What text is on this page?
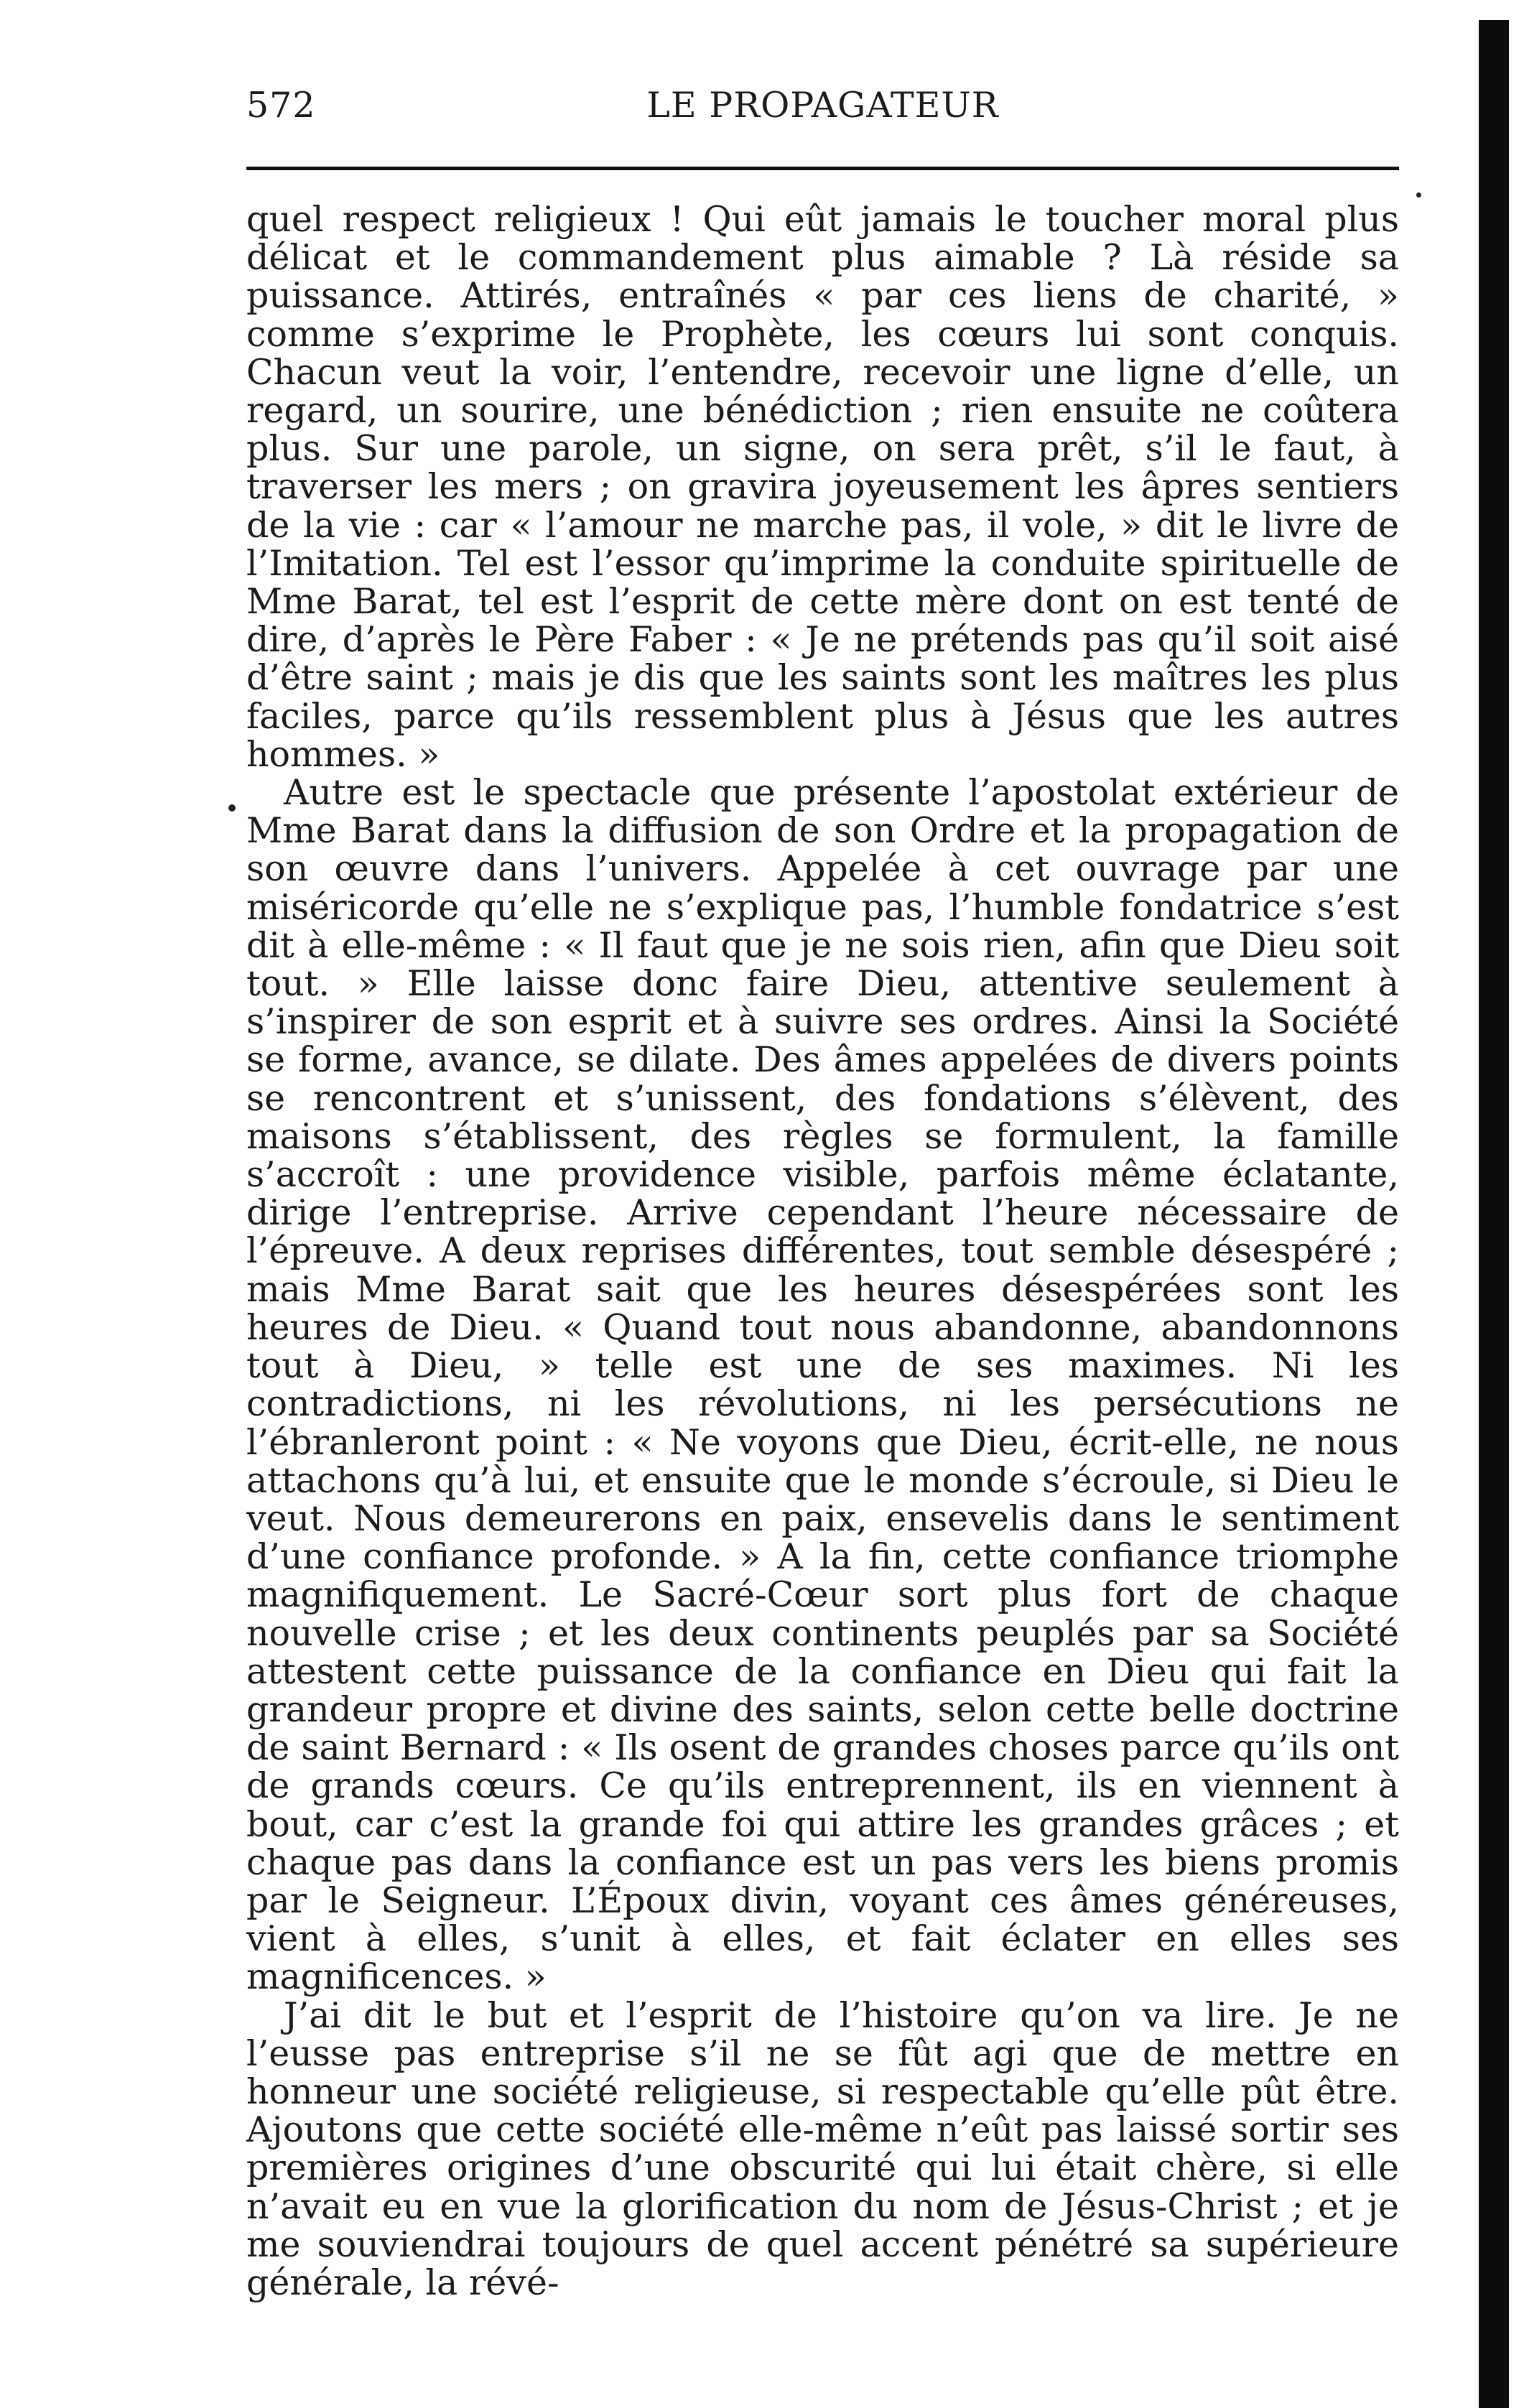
572	LE PROPAGATEUR

quel respect religieux ! Qui eût jamais le toucher moral plus délicat et le commandement plus aimable ? Là réside sa puissance. Attirés, entraînés « par ces liens de charité, » comme s’exprime le Prophète, les cœurs lui sont conquis. Chacun veut la voir, l’entendre, recevoir une ligne d’elle, un regard, un sourire, une bénédiction ; rien ensuite ne coûtera plus. Sur une parole, un signe, on sera prêt, s’il le faut, à traverser les mers ; on gravira joyeusement les âpres sentiers de la vie : car « l’amour ne marche pas, il vole, » dit le livre de l’Imitation. Tel est l’essor qu’imprime la conduite spirituelle de Mme Barat, tel est l’esprit de cette mère dont on est tenté de dire, d’après le Père Faber : « Je ne prétends pas qu’il soit aisé d’être saint ; mais je dis que les saints sont les maîtres les plus faciles, parce qu’ils ressemblent plus à Jésus que les autres hommes. »

Autre est le spectacle que présente l’apostolat extérieur de Mme Barat dans la diffusion de son Ordre et la propagation de son œuvre dans l’univers. Appelée à cet ouvrage par une miséricorde qu’elle ne s’explique pas, l’humble fondatrice s’est dit à elle-même : « Il faut que je ne sois rien, afin que Dieu soit tout. » Elle laisse donc faire Dieu, attentive seulement à s’inspirer de son esprit et à suivre ses ordres. Ainsi la Société se forme, avance, se dilate. Des âmes appelées de divers points se rencontrent et s’unissent, des fondations s’élèvent, des maisons s’établissent, des règles se formulent, la famille s’accroît : une providence visible, parfois même éclatante, dirige l’entreprise. Arrive cependant l’heure nécessaire de l’épreuve. A deux reprises différentes, tout semble désespéré ; mais Mme Barat sait que les heures désespérées sont les heures de Dieu. « Quand tout nous abandonne, abandonnons tout à Dieu, » telle est une de ses maximes. Ni les contradictions, ni les révolutions, ni les persécutions ne l’ébranleront point : « Ne voyons que Dieu, écrit-elle, ne nous attachons qu’à lui, et ensuite que le monde s’écroule, si Dieu le veut. Nous demeurerons en paix, ensevelis dans le sentiment d’une confiance profonde. » A la fin, cette confiance triomphe magnifiquement. Le Sacré-Cœur sort plus fort de chaque nouvelle crise ; et les deux continents peuplés par sa Société attestent cette puissance de la confiance en Dieu qui fait la grandeur propre et divine des saints, selon cette belle doctrine de saint Bernard : « Ils osent de grandes choses parce qu’ils ont de grands cœurs. Ce qu’ils entreprennent, ils en viennent à bout, car c’est la grande foi qui attire les grandes grâces ; et chaque pas dans la confiance est un pas vers les biens promis par le Seigneur. L’Époux divin, voyant ces âmes généreuses, vient à elles, s’unit à elles, et fait éclater en elles ses magnificences. »

J’ai dit le but et l’esprit de l’histoire qu’on va lire. Je ne l’eusse pas entreprise s’il ne se fût agi que de mettre en honneur une société religieuse, si respectable qu’elle pût être. Ajoutons que cette société elle-même n’eût pas laissé sortir ses premières origines d’une obscurité qui lui était chère, si elle n’avait eu en vue la glorification du nom de Jésus-Christ ; et je me souviendrai toujours de quel accent pénétré sa supérieure générale, la révé-
